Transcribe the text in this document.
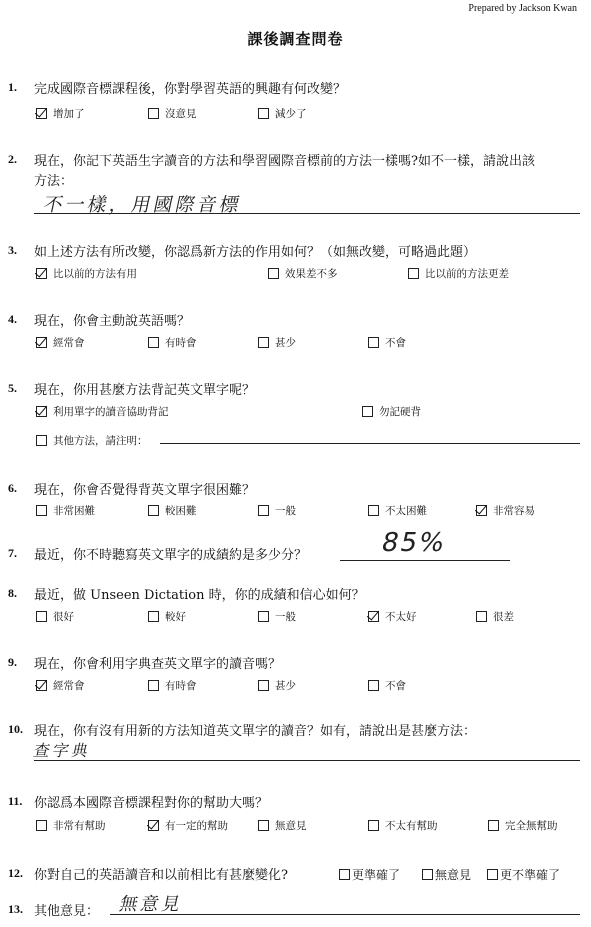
Prepared by Jackson Kwan
課後調查問卷
1. 完成國際音標課程後，你對學習英語的興趣有何改變？
增加了	沒意見	減少了
2. 現在，你記下英語生字讀音的方法和學習國際音標前的方法一樣嗎?如不一樣，請說出該
方法：
不一樣，用國際音標
3. 如上述方法有所改變，你認爲新方法的作用如何？（如無改變，可略過此題）
比以前的方法有用	效果差不多	比以前的方法更差
4. 現在，你會主動說英語嗎？
經常會	有時會	甚少	不會
5. 現在，你用甚麼方法背記英文單字呢？
利用單字的讀音協助背記	勿記硬背
其他方法，請注明：
6. 現在，你會否覺得背英文單字很困難？
非常困難	較困難	一般	不太困難	非常容易
7. 最近，你不時聽寫英文單字的成績約是多少分？	85%
8. 最近，做 Unseen Dictation 時，你的成績和信心如何？
很好	較好	一般	不太好	很差
9. 現在，你會利用字典查英文單字的讀音嗎？
經常會	有時會	甚少	不會
10. 現在，你有沒有用新的方法知道英文單字的讀音？如有，請說出是甚麼方法：
查字典
11. 你認爲本國際音標課程對你的幫助大嗎？
非常有幫助	有一定的幫助	無意見	不太有幫助	完全無幫助
12. 你對自己的英語讀音和以前相比有甚麼變化?	更準確了	無意見 更不準確了
13. 其他意見： 無意見
